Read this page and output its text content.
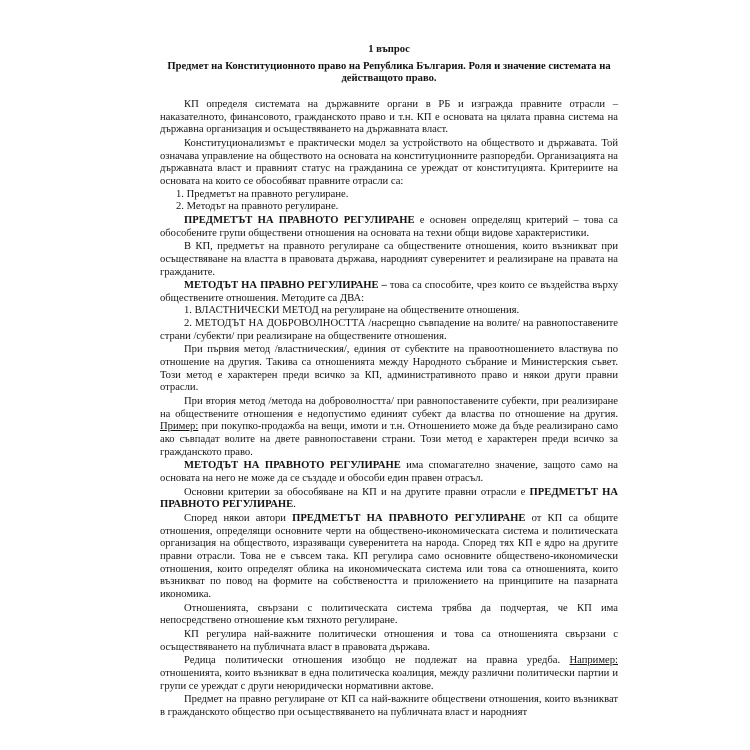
1 въпрос
Предмет на Конституционното право на Република България. Роля и значение системата на действащото право.

КП определя системата на държавните органи в РБ и изгражда правните отрасли – наказателното, финансовото, гражданското право и т.н. КП е основата на цялата правна система на държавна организация и осъществяването на държавната власт.

Конституционализмът е практически модел за устройството на обществото и държавата. Той означава управление на обществото на основата на конституционните разпоредби. Организацията на държавната власт и правният статус на гражданина се уреждат от конституцията. Критериите на основата на които се обособяват правните отрасли са:

1. Предметът на правното регулиране.
2. Методът на правното регулиране.

ПРЕДМЕТЪТ НА ПРАВНОТО РЕГУЛИРАНЕ е основен определящ критерий – това са обособените групи обществени отношения на основата на техни общи видове характеристики.

В КП, предметът на правното регулиране са обществените отношения, които възникват при осъществяване на властта в правовата държава, народният суверенитет и реализиране на правата на гражданите.

МЕТОДЪТ НА ПРАВНО РЕГУЛИРАНЕ – това са способите, чрез които се въздейства върху обществените отношения. Методите са ДВА:

1. ВЛАСТНИЧЕСКИ МЕТОД на регулиране на обществените отношения.

2. МЕТОДЪТ НА ДОБРОВОЛНОСТТА /насрещно съвпадение на волите/ на равнопоставените страни /субекти/ при реализиране на обществените отношения.

При първия метод /властническия/, единия от субектите на правоотношението властвува по отношение на другия. Такива са отношенията между Народното събрание и Министерския съвет. Този метод е характерен преди всичко за КП, административното право и някои други правни отрасли.

При втория метод /метода на доброволността/ при равнопоставените субекти, при реализиране на обществените отношения е недопустимо единият субект да властва по отношение на другия. Пример: при покупко-продажба на вещи, имоти и т.н. Отношението може да бъде реализирано само ако съвпадат волите на двете равнопоставени страни. Този метод е характерен преди всичко за гражданското право.

МЕТОДЪТ НА ПРАВНОТО РЕГУЛИРАНЕ има спомагателно значение, защото само на основата на него не може да се създаде и обособи един правен отрасъл.

Основни критерии за обособяване на КП и на другите правни отрасли е ПРЕДМЕТЪТ НА ПРАВНОТО РЕГУЛИРАНЕ.

Според някои автори ПРЕДМЕТЪТ НА ПРАВНОТО РЕГУЛИРАНЕ от КП са общите отношения, определящи основните черти на обществено-икономическата система и политическата организация на обществото, изразяващи суверенитета на народа. Според тях КП е ядро на другите правни отрасли. Това не е съвсем така. КП регулира само основните обществено-икономически отношения, които определят облика на икономическата система или това са отношенията, които възникват по повод на формите на собствеността и приложението на принципите на пазарната икономика.

Отношенията, свързани с политическата система трябва да подчертая, че КП има непосредствено отношение към тяхното регулиране.

КП регулира най-важните политически отношения и това са отношенията свързани с осъществяването на публичната власт в правовата държава.

Редица политически отношения изобщо не подлежат на правна уредба. Например: отношенията, които възникват в една политическа коалиция, между различни политически партии и групи се уреждат с други неюридически нормативни актове.

Предмет на правно регулиране от КП са най-важните обществени отношения, които възникват в гражданското общество при осъществяването на публичната власт и народният
